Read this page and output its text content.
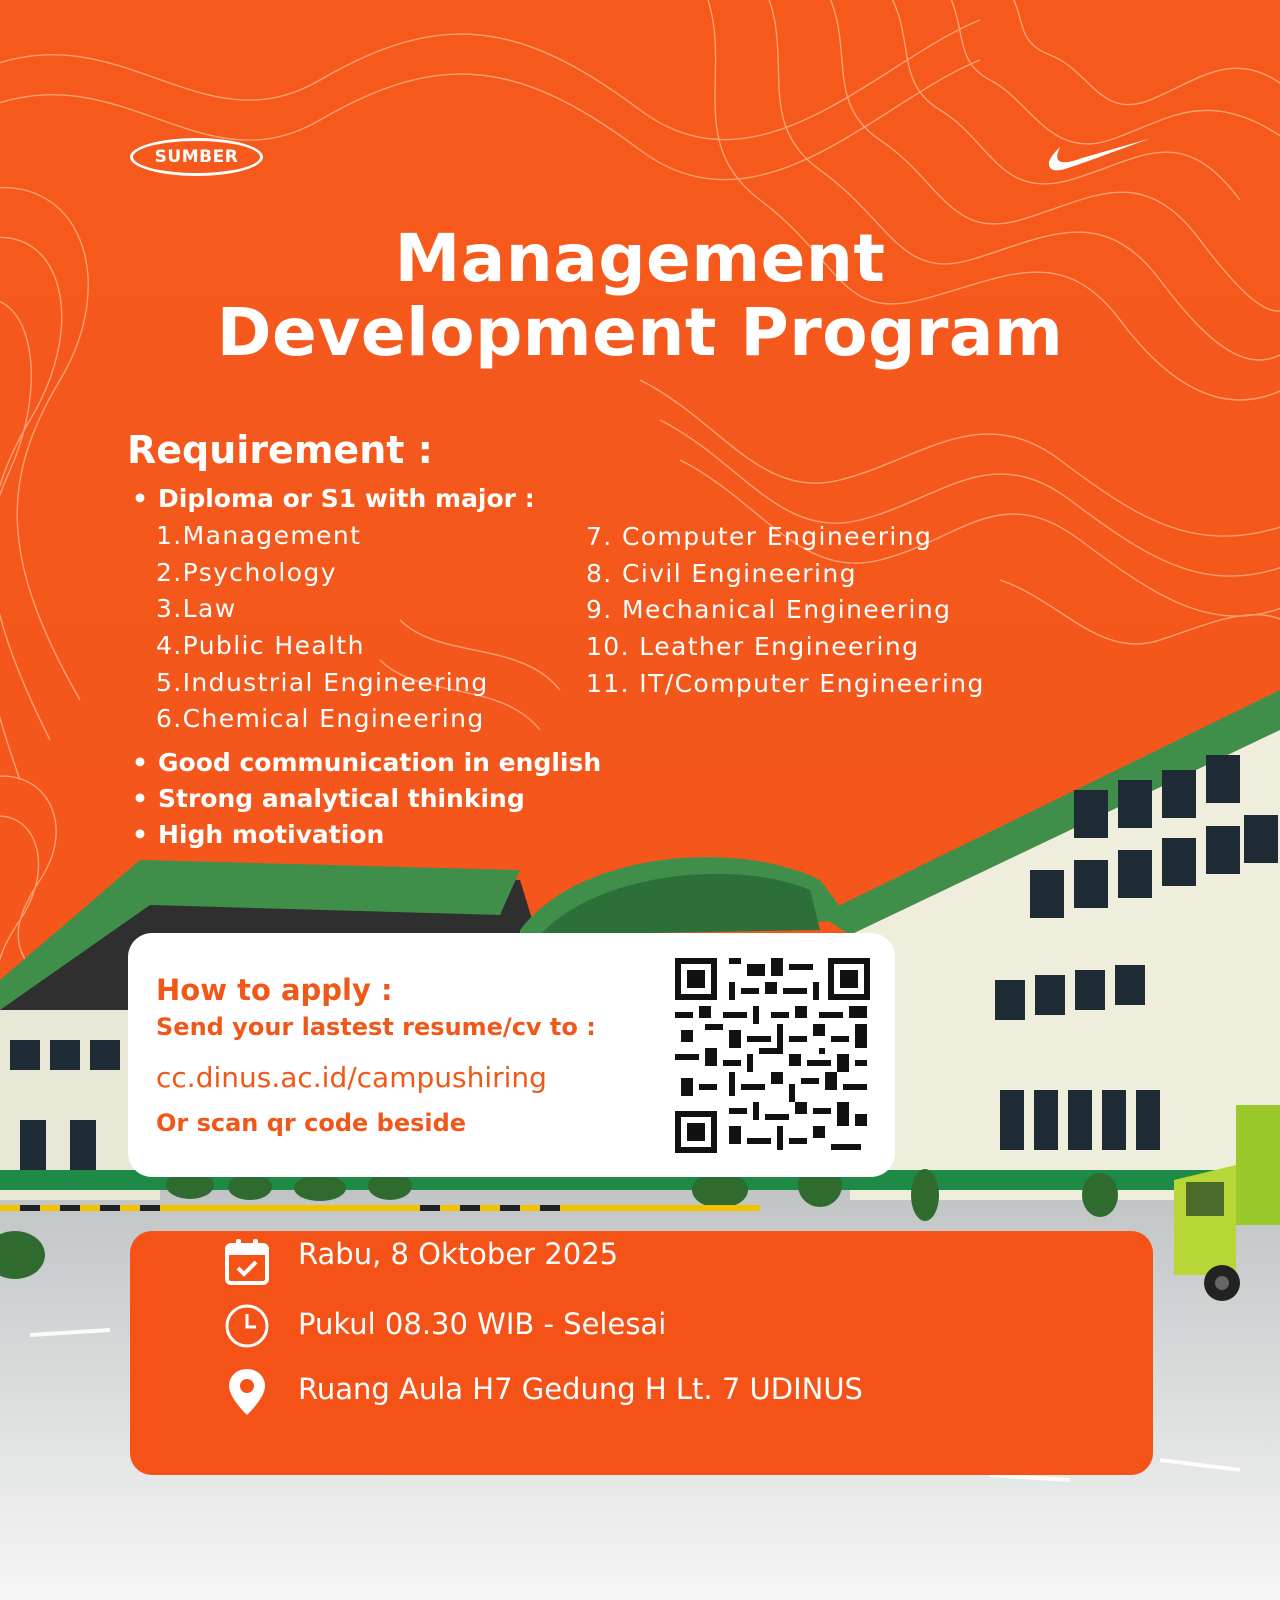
SUMBER
Management
Development Program
Requirement :
• Diploma or S1 with major :
1.Management
2.Psychology
3.Law
4.Public Health
5.Industrial Engineering
6.Chemical Engineering
7. Computer Engineering
8. Civil Engineering
9. Mechanical Engineering
10. Leather Engineering
11. IT/Computer Engineering
• Good communication in english
• Strong analytical thinking
• High motivation
How to apply :
Send your lastest resume/cv to :
cc.dinus.ac.id/campushiring
Or scan qr code beside
Rabu, 8 Oktober 2025
Pukul 08.30 WIB - Selesai
Ruang Aula H7 Gedung H Lt. 7 UDINUS
